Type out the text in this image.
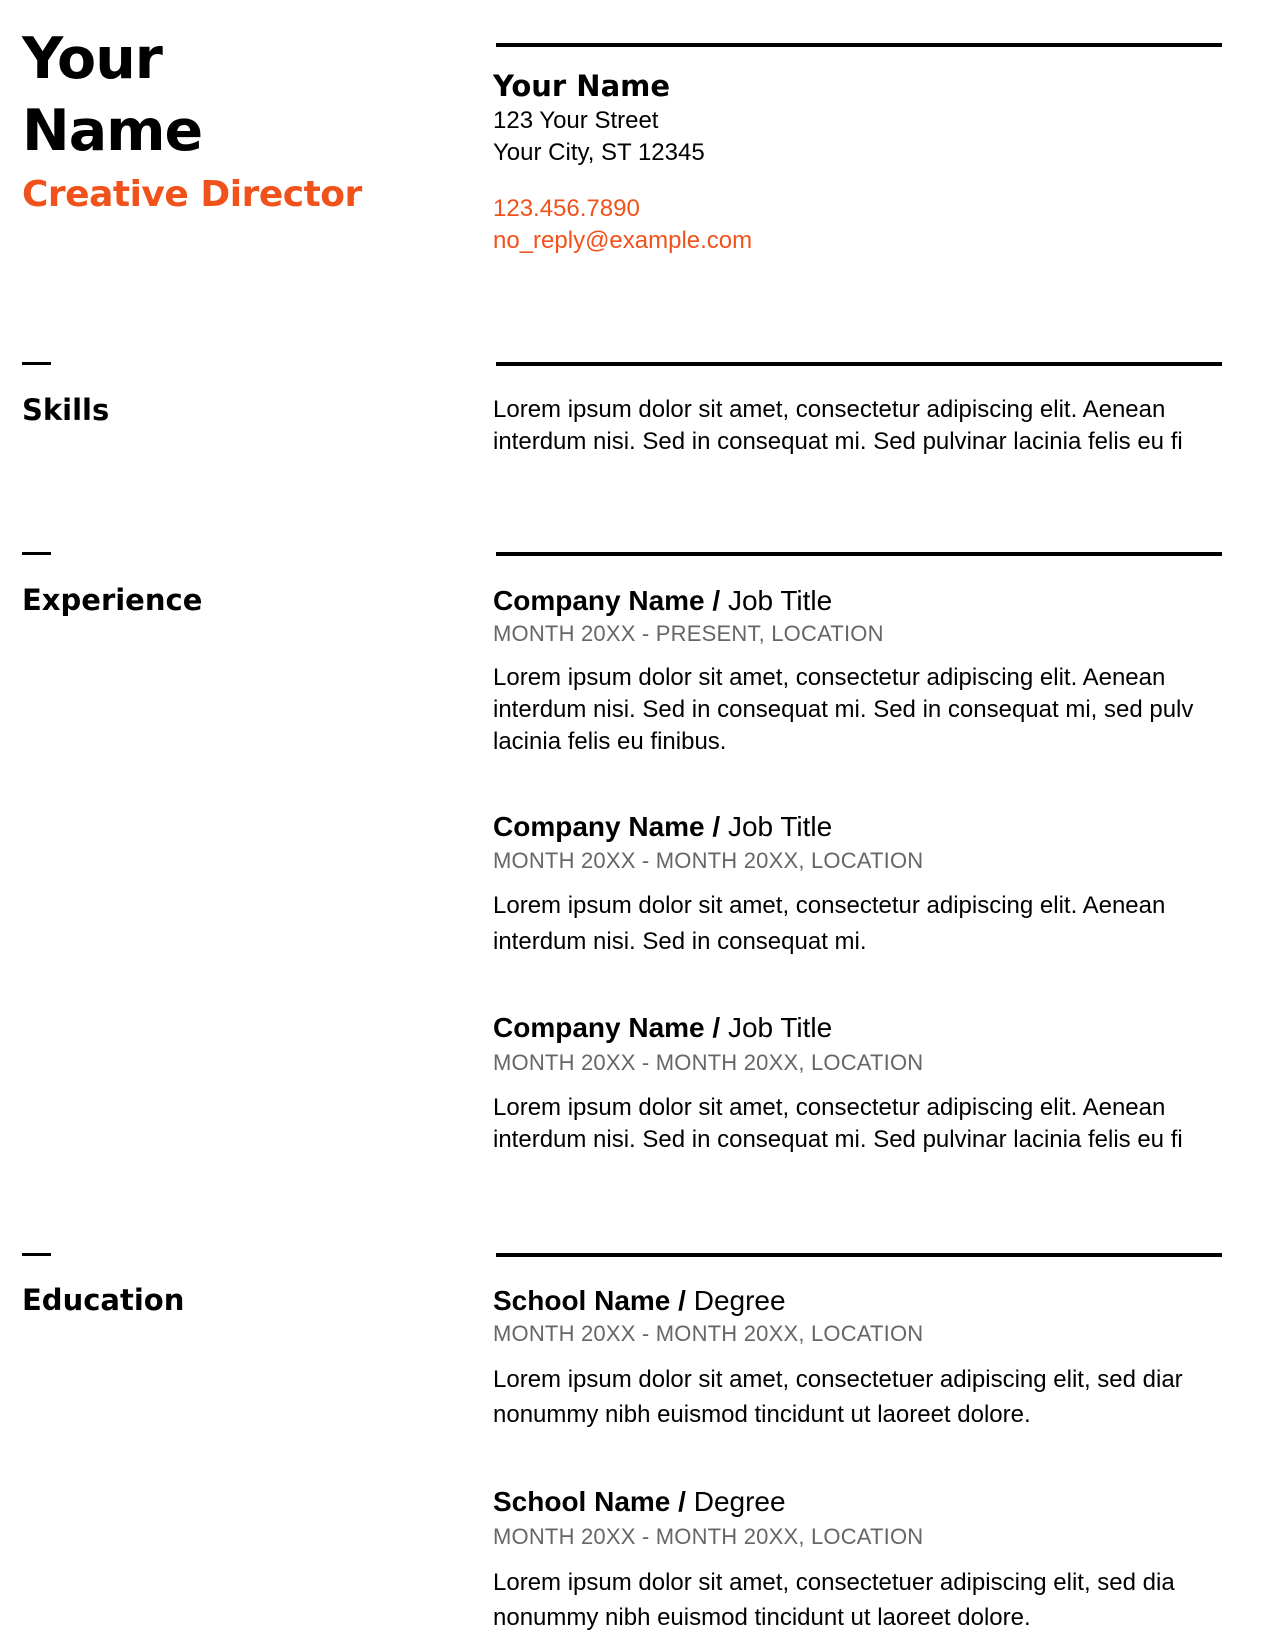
Your
Name
Creative Director
Your Name
123 Your Street
Your City, ST 12345
123.456.7890
no_reply@example.com
Skills	Lorem ipsum dolor sit amet, consectetur adipiscing elit. Aenean
interdum nisi. Sed in consequat mi. Sed pulvinar lacinia felis eu fi
Experience	Company Name / Job Title
MONTH 20XX - PRESENT, LOCATION
Lorem ipsum dolor sit amet, consectetur adipiscing elit. Aenean
interdum nisi. Sed in consequat mi. Sed in consequat mi, sed pulv
lacinia felis eu finibus.
Company Name / Job Title
MONTH 20XX - MONTH 20XX, LOCATION
Lorem ipsum dolor sit amet, consectetur adipiscing elit. Aenean
interdum nisi. Sed in consequat mi.
Company Name / Job Title
MONTH 20XX - MONTH 20XX, LOCATION
Lorem ipsum dolor sit amet, consectetur adipiscing elit. Aenean
interdum nisi. Sed in consequat mi. Sed pulvinar lacinia felis eu fi
Education	School Name / Degree
MONTH 20XX - MONTH 20XX, LOCATION
Lorem ipsum dolor sit amet, consectetuer adipiscing elit, sed diar
nonummy nibh euismod tincidunt ut laoreet dolore.
School Name / Degree
MONTH 20XX - MONTH 20XX, LOCATION
Lorem ipsum dolor sit amet, consectetuer adipiscing elit, sed dia
nonummy nibh euismod tincidunt ut laoreet dolore.
